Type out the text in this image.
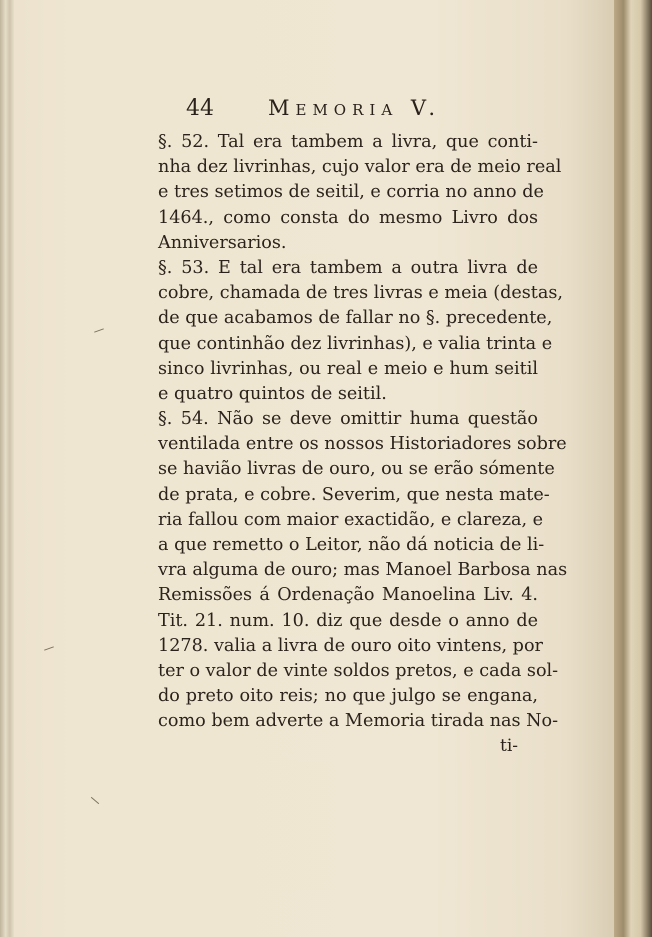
44	Memoria V.
§. 52. Tal era tambem a livra, que conti-
nha dez livrinhas, cujo valor era de meio real
e tres setimos de seitil, e corria no anno de
1464., como consta do mesmo Livro dos
Anniversarios.
§. 53. E tal era tambem a outra livra de
cobre, chamada de tres livras e meia (destas,
de que acabamos de fallar no §. precedente,
que continhão dez livrinhas), e valia trinta e
sinco livrinhas, ou real e meio e hum seitil
e quatro quintos de seitil.
§. 54. Não se deve omittir huma questão
ventilada entre os nossos Historiadores sobre
se havião livras de ouro, ou se erão sómente
de prata, e cobre. Severim, que nesta mate-
ria fallou com maior exactidão, e clareza, e
a que remetto o Leitor, não dá noticia de li-
vra alguma de ouro; mas Manoel Barbosa nas
Remissões á Ordenação Manoelina Liv. 4.
Tit. 21. num. 10. diz que desde o anno de
1278. valia a livra de ouro oito vintens, por
ter o valor de vinte soldos pretos, e cada sol-
do preto oito reis; no que julgo se engana,
como bem adverte a Memoria tirada nas No-
ti-
